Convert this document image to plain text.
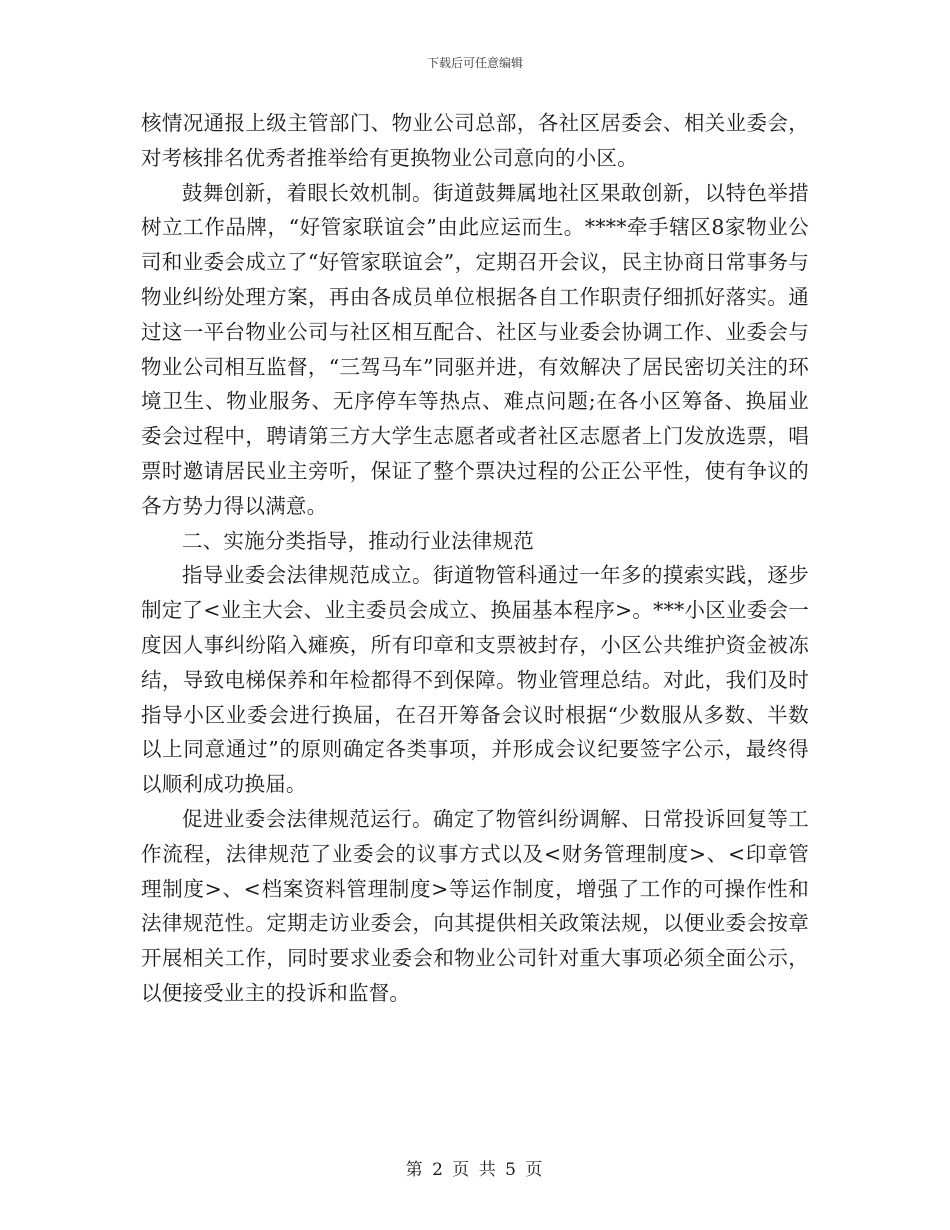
下载后可任意编辑

核情况通报上级主管部门、物业公司总部，各社区居委会、相关业委会，对考核排名优秀者推举给有更换物业公司意向的小区。

鼓舞创新，着眼长效机制。街道鼓舞属地社区果敢创新，以特色举措树立工作品牌，“好管家联谊会”由此应运而生。****牵手辖区8家物业公司和业委会成立了“好管家联谊会”，定期召开会议，民主协商日常事务与物业纠纷处理方案，再由各成员单位根据各自工作职责仔细抓好落实。通过这一平台物业公司与社区相互配合、社区与业委会协调工作、业委会与物业公司相互监督，“三驾马车”同驱并进，有效解决了居民密切关注的环境卫生、物业服务、无序停车等热点、难点问题;在各小区筹备、换届业委会过程中，聘请第三方大学生志愿者或者社区志愿者上门发放选票，唱票时邀请居民业主旁听，保证了整个票决过程的公正公平性，使有争议的各方势力得以满意。

二、实施分类指导，推动行业法律规范

指导业委会法律规范成立。街道物管科通过一年多的摸索实践，逐步制定了<业主大会、业主委员会成立、换届基本程序>。***小区业委会一度因人事纠纷陷入瘫痪，所有印章和支票被封存，小区公共维护资金被冻结，导致电梯保养和年检都得不到保障。物业管理总结。对此，我们及时指导小区业委会进行换届，在召开筹备会议时根据“少数服从多数、半数以上同意通过”的原则确定各类事项，并形成会议纪要签字公示，最终得以顺利成功换届。

促进业委会法律规范运行。确定了物管纠纷调解、日常投诉回复等工作流程，法律规范了业委会的议事方式以及<财务管理制度>、<印章管理制度>、<档案资料管理制度>等运作制度，增强了工作的可操作性和法律规范性。定期走访业委会，向其提供相关政策法规，以便业委会按章开展相关工作，同时要求业委会和物业公司针对重大事项必须全面公示，以便接受业主的投诉和监督。

第 2 页 共 5 页
